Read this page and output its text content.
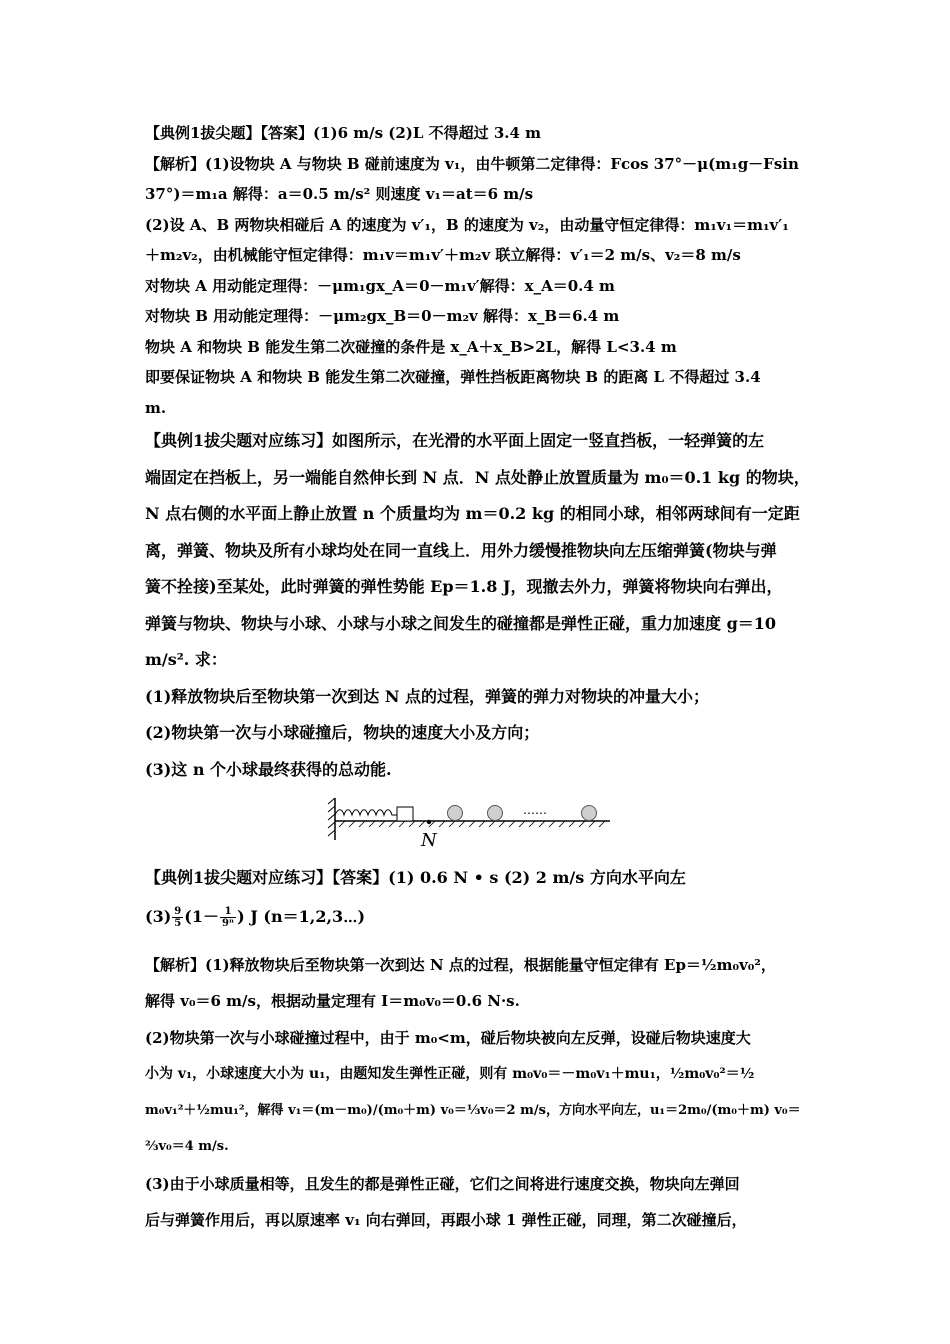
【典例1拔尖题】【答案】(1)6 m/s (2)L 不得超过 3.4 m

【解析】(1)设物块 A 与物块 B 碰前速度为 v₁，由牛顿第二定律得：Fcos 37°－μ(m₁g－Fsin

37°)＝m₁a 解得：a＝0.5 m/s² 则速度 v₁＝at＝6 m/s

(2)设 A、B 两物块相碰后 A 的速度为 v′₁，B 的速度为 v₂，由动量守恒定律得：m₁v₁＝m₁v′₁

＋m₂v₂，由机械能守恒定律得：m₁v＝m₁v′＋m₂v 联立解得：v′₁＝2 m/s、v₂＝8 m/s

对物块 A 用动能定理得：－μm₁gx_A＝0－m₁v′解得：x_A＝0.4 m

对物块 B 用动能定理得：－μm₂gx_B＝0－m₂v 解得：x_B＝6.4 m

物块 A 和物块 B 能发生第二次碰撞的条件是 x_A＋x_B>2L，解得 L<3.4 m

即要保证物块 A 和物块 B 能发生第二次碰撞，弹性挡板距离物块 B 的距离 L 不得超过 3.4

m.

【典例1拔尖题对应练习】如图所示，在光滑的水平面上固定一竖直挡板，一轻弹簧的左

端固定在挡板上，另一端能自然伸长到 N 点．N 点处静止放置质量为 m₀＝0.1 kg 的物块，

N 点右侧的水平面上静止放置 n 个质量均为 m＝0.2 kg 的相同小球，相邻两球间有一定距

离，弹簧、物块及所有小球均处在同一直线上．用外力缓慢推物块向左压缩弹簧(物块与弹

簧不拴接)至某处，此时弹簧的弹性势能 Ep＝1.8 J，现撤去外力，弹簧将物块向右弹出，

弹簧与物块、物块与小球、小球与小球之间发生的碰撞都是弹性正碰，重力加速度 g＝10

m/s². 求：

(1)释放物块后至物块第一次到达 N 点的过程，弹簧的弹力对物块的冲量大小；

(2)物块第一次与小球碰撞后，物块的速度大小及方向；

(3)这 n 个小球最终获得的总动能.

N
……

【典例1拔尖题对应练习】【答案】(1) 0.6 N • s (2) 2 m/s 方向水平向左

$(3) \frac{9}{5} (1- \frac{1}{\text{9ⁿ}}$ ) J (n＝1,2,3⋯)

【解析】(1)释放物块后至物块第一次到达 N 点的过程，根据能量守恒定律有 Ep＝½m₀v₀²，

解得 v₀＝6 m/s，根据动量定理有 I＝m₀v₀＝0.6 N·s.

(2)物块第一次与小球碰撞过程中，由于 m₀<m，碰后物块被向左反弹，设碰后物块速度大

小为 v₁，小球速度大小为 u₁，由题知发生弹性正碰，则有 m₀v₀＝－m₀v₁＋mu₁，½m₀v₀²＝½

m₀v₁²＋½mu₁²，解得 v₁＝(m－m₀)/(m₀＋m) v₀＝⅓v₀＝2 m/s，方向水平向左，u₁＝2m₀/(m₀＋m) v₀＝⅔v₀＝4 m/s.

(3)由于小球质量相等，且发生的都是弹性正碰，它们之间将进行速度交换，物块向左弹回

后与弹簧作用后，再以原速率 v₁ 向右弹回，再跟小球 1 弹性正碰，同理，第二次碰撞后，
